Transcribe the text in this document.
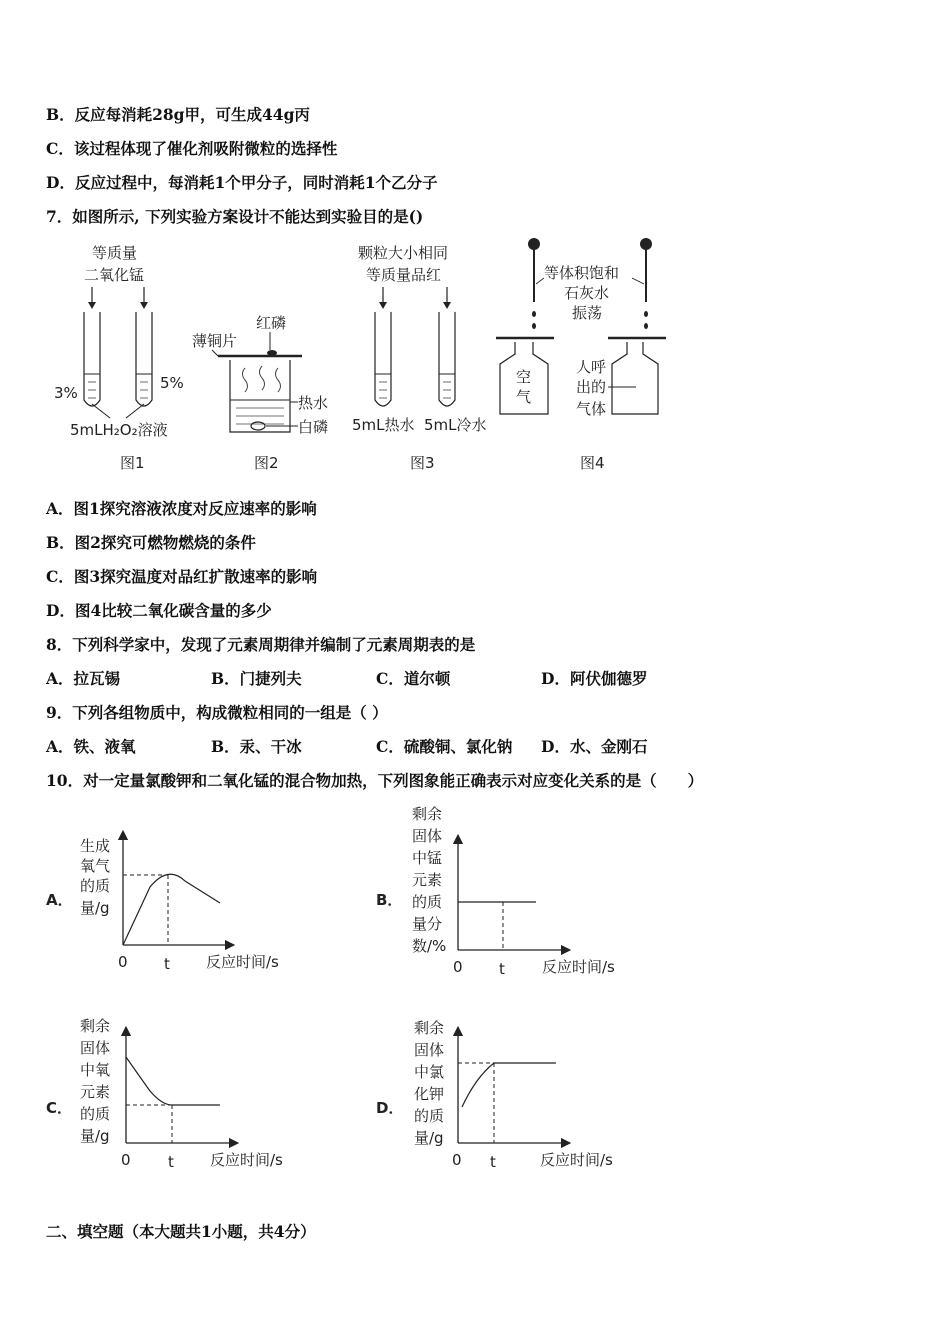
B．反应每消耗28g甲，可生成44g丙
C．该过程体现了催化剂吸附微粒的选择性
D．反应过程中，每消耗1个甲分子，同时消耗1个乙分子
7．如图所示, 下列实验方案设计不能达到实验目的是()
等质量
二氧化锰
3%
5%
5mLH₂O₂溶液
图1
薄铜片
红磷
热水
白磷
图2
颗粒大小相同
等质量品红
5mL热水 5mL冷水
图3
等体积饱和
石灰水
振荡
空
气
人呼
出的
气体
图4
A．图1探究溶液浓度对反应速率的影响
B．图2探究可燃物燃烧的条件
C．图3探究温度对品红扩散速率的影响
D．图4比较二氧化碳含量的多少
8．下列科学家中，发现了元素周期律并编制了元素周期表的是
A．拉瓦锡	B．门捷列夫	C．道尔顿	D．阿伏伽德罗
9．下列各组物质中，构成微粒相同的一组是（ ）
A．铁、液氧	B．汞、干冰	C．硫酸铜、氯化钠 D．水、金刚石
10．对一定量氯酸钾和二氧化锰的混合物加热，下列图象能正确表示对应变化关系的是（　　）
A．
生成
氧气
的质
量/g
0 t 反应时间/s
B．
剩余
固体
中锰
元素
的质
量分
数/%
0 t 反应时间/s
C．
剩余
固体
中氧
元素
的质
量/g
0 t 反应时间/s
D．
剩余
固体
中氯
化钾
的质
量/g
0 t	反应时间/s
二、填空题（本大题共1小题，共4分）
